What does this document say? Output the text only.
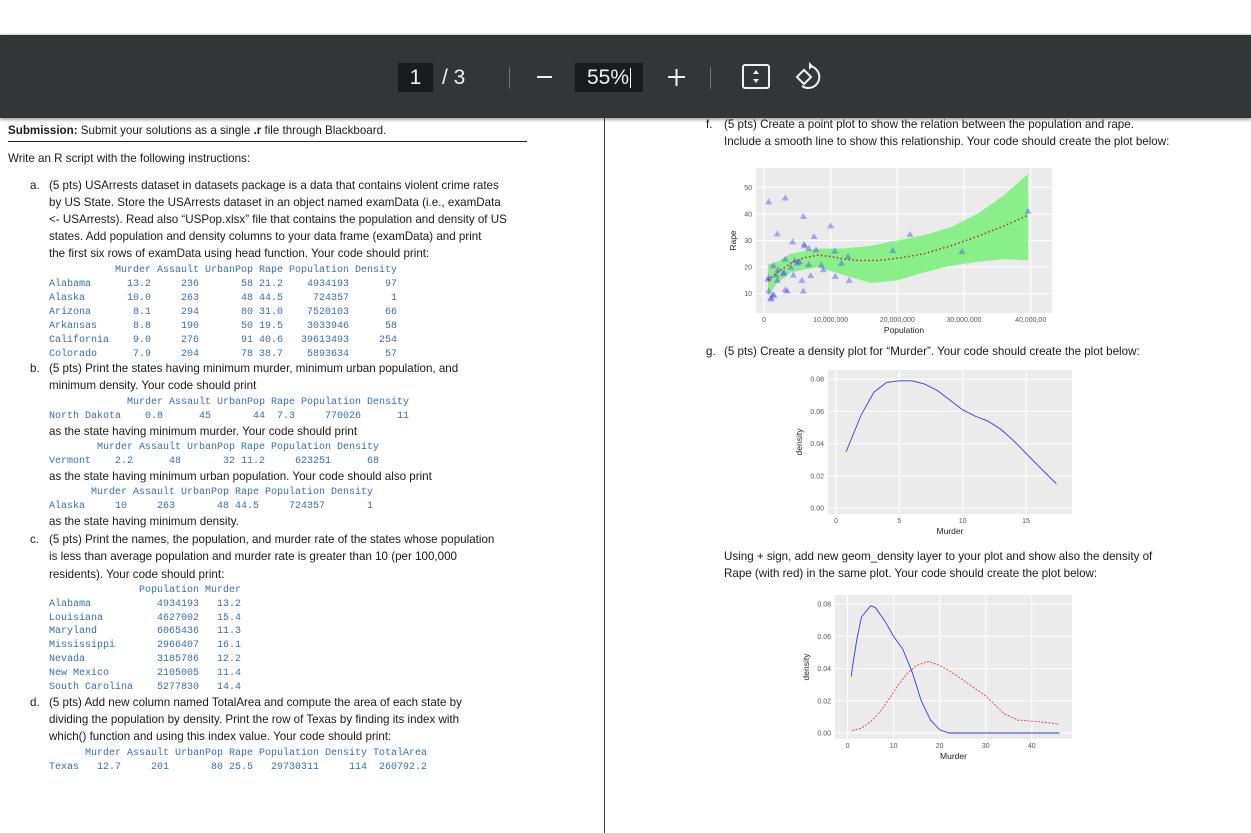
1 / 3	55%
Submission: Submit your solutions as a single .r file through Blackboard.
Write an R script with the following instructions:
a. (5 pts) USArrests dataset in datasets package is a data that contains violent crime rates
by US State. Store the USArrests dataset in an object named examData (i.e., examData
<- USArrests). Read also “USPop.xlsx” file that contains the population and density of US
states. Add population and density columns to your data frame (examData) and print
the first six rows of examData using head function. Your code should print:
Murder Assault UrbanPop Rape Population Density
Alabama      13.2     236       58 21.2    4934193      97
Alaska       10.0     263       48 44.5     724357       1
Arizona       8.1     294       80 31.0    7520103      66
Arkansas      8.8     190       50 19.5    3033946      58
California    9.0     276       91 40.6   39613493     254
Colorado      7.9     204       78 38.7    5893634      57
b. (5 pts) Print the states having minimum murder, minimum urban population, and
minimum density. Your code should print
Murder Assault UrbanPop Rape Population Density
North Dakota    0.8      45       44  7.3     770026      11
as the state having minimum murder. Your code should print
Murder Assault UrbanPop Rape Population Density
Vermont    2.2      48       32 11.2     623251      68
as the state having minimum urban population. Your code should also print
Murder Assault UrbanPop Rape Population Density
Alaska     10     263       48 44.5     724357       1
as the state having minimum density.
c. (5 pts) Print the names, the population, and murder rate of the states whose population
is less than average population and murder rate is greater than 10 (per 100,000
residents). Your code should print:
Population Murder
Alabama           4934193   13.2
Louisiana         4627002   15.4
Maryland          6065436   11.3
Mississippi       2966407   16.1
Nevada            3185786   12.2
New Mexico        2105005   11.4
South Carolina    5277830   14.4
d. (5 pts) Add new column named TotalArea and compute the area of each state by
dividing the population by density. Print the row of Texas by finding its index with
which() function and using this index value. Your code should print:
Murder Assault UrbanPop Rape Population Density TotalArea
Texas   12.7     201       80 25.5   29730311     114  260792.2
f. (5 pts) Create a point plot to show the relation between the population and rape.
Include a smooth line to show this relationship. Your code should create the plot below:
g. (5 pts) Create a density plot for “Murder”. Your code should create the plot below:
Using + sign, add new geom_density layer to your plot and show also the density of
Rape (with red) in the same plot. Your code should create the plot below:
0	10,000,000	20,000,000	30,000,000	40,000,00
10
20
30
40
50
Population
Rape
0	5	10	15
0.00
0.02
0.04
0.06
0.08
Murder
density
0	10	20	30	40
0.00
0.02
0.04
0.06
0.08
Murder
density
